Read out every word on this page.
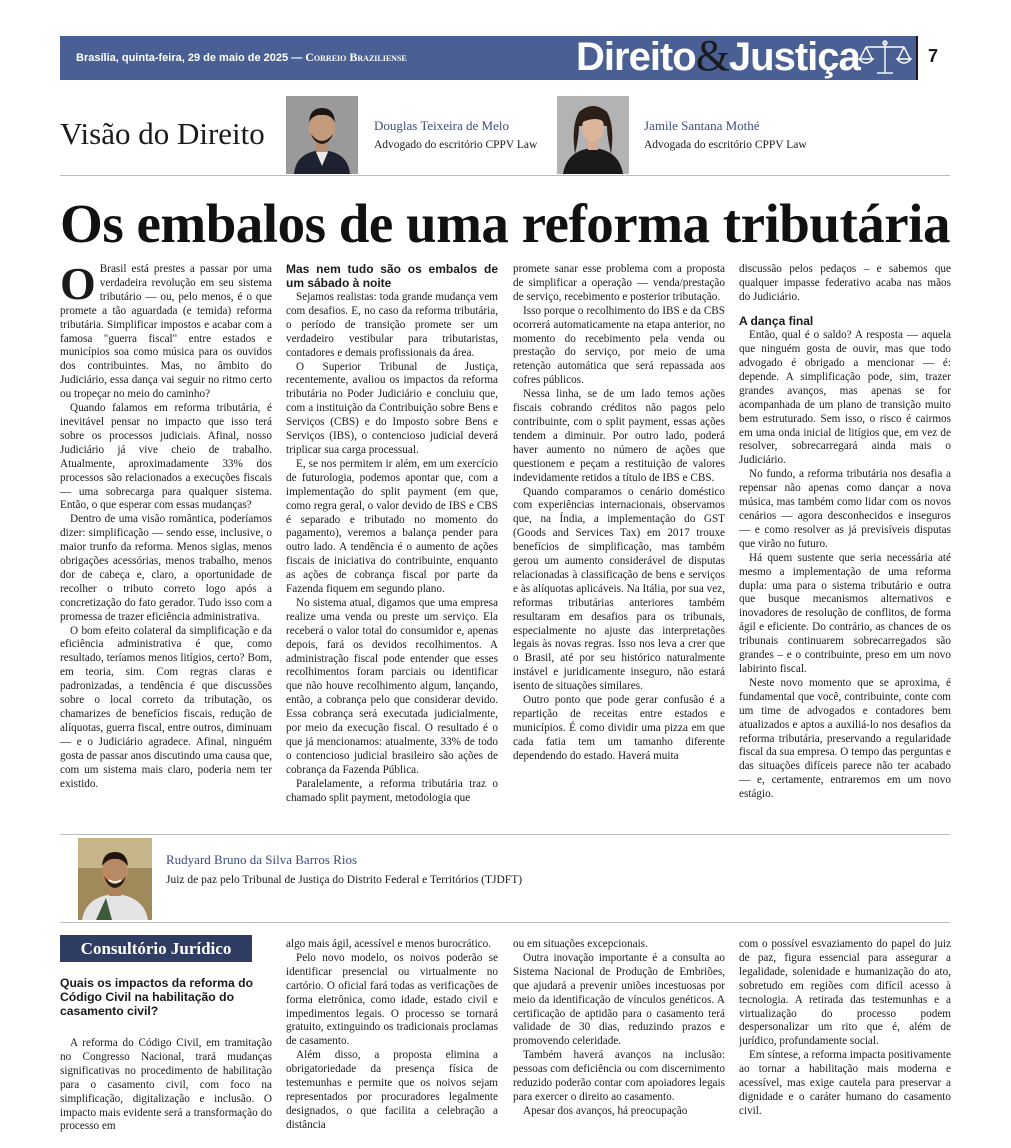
Brasília, quinta-feira, 29 de maio de 2025 — Correio Braziliense	Direito&Justiça	7
Visão do Direito	Douglas Teixeira de Melo
Advogado do escritório CPPV Law
Jamile Santana Mothé
Advogada do escritório CPPV Law
Os embalos de uma reforma tributária

O Brasil está prestes a passar por uma verdadeira revolução em seu sistema tributário — ou, pelo menos, é o que promete a tão aguardada (e temida) reforma tributária. Simplificar impostos e acabar com a famosa "guerra fiscal" entre estados e municípios soa como música para os ouvidos dos contribuintes. Mas, no âmbito do Judiciário, essa dança vai seguir no ritmo certo ou tropeçar no meio do caminho?

Quando falamos em reforma tributária, é inevitável pensar no impacto que isso terá sobre os processos judiciais. Afinal, nosso Judiciário já vive cheio de trabalho. Atualmente, aproximadamente 33% dos processos são relacionados a execuções fiscais — uma sobrecarga para qualquer sistema. Então, o que esperar com essas mudanças?

Dentro de uma visão romântica, poderíamos dizer: simplificação — sendo esse, inclusive, o maior trunfo da reforma. Menos siglas, menos obrigações acessórias, menos trabalho, menos dor de cabeça e, claro, a oportunidade de recolher o tributo correto logo após a concretização do fato gerador. Tudo isso com a promessa de trazer eficiência administrativa.

O bom efeito colateral da simplificação e da eficiência administrativa é que, como resultado, teríamos menos litígios, certo? Bom, em teoria, sim. Com regras claras e padronizadas, a tendência é que discussões sobre o local correto da tributação, os chamarizes de benefícios fiscais, redução de alíquotas, guerra fiscal, entre outros, diminuam — e o Judiciário agradece. Afinal, ninguém gosta de passar anos discutindo uma causa que, com um sistema mais claro, poderia nem ter existido.

Mas nem tudo são os embalos de um sábado à noite

Sejamos realistas: toda grande mudança vem com desafios. E, no caso da reforma tributária, o período de transição promete ser um verdadeiro vestibular para tributaristas, contadores e demais profissionais da área.

O Superior Tribunal de Justiça, recentemente, avaliou os impactos da reforma tributária no Poder Judiciário e concluiu que, com a instituição da Contribuição sobre Bens e Serviços (CBS) e do Imposto sobre Bens e Serviços (IBS), o contencioso judicial deverá triplicar sua carga processual.

E, se nos permitem ir além, em um exercício de futurologia, podemos apontar que, com a implementação do split payment (em que, como regra geral, o valor devido de IBS e CBS é separado e tributado no momento do pagamento), veremos a balança pender para outro lado. A tendência é o aumento de ações fiscais de iniciativa do contribuinte, enquanto as ações de cobrança fiscal por parte da Fazenda fiquem em segundo plano.

No sistema atual, digamos que uma empresa realize uma venda ou preste um serviço. Ela receberá o valor total do consumidor e, apenas depois, fará os devidos recolhimentos. A administração fiscal pode entender que esses recolhimentos foram parciais ou identificar que não houve recolhimento algum, lançando, então, a cobrança pelo que considerar devido. Essa cobrança será executada judicialmente, por meio da execução fiscal. O resultado é o que já mencionamos: atualmente, 33% de todo o contencioso judicial brasileiro são ações de cobrança da Fazenda Pública.

Paralelamente, a reforma tributária traz o chamado split payment, metodologia que

promete sanar esse problema com a proposta de simplificar a operação — venda/prestação de serviço, recebimento e posterior tributação.

Isso porque o recolhimento do IBS e da CBS ocorrerá automaticamente na etapa anterior, no momento do recebimento pela venda ou prestação do serviço, por meio de uma retenção automática que será repassada aos cofres públicos.

Nessa linha, se de um lado temos ações fiscais cobrando créditos não pagos pelo contribuinte, com o split payment, essas ações tendem a diminuir. Por outro lado, poderá haver aumento no número de ações que questionem e peçam a restituição de valores indevidamente retidos a título de IBS e CBS.

Quando comparamos o cenário doméstico com experiências internacionais, observamos que, na Índia, a implementação do GST (Goods and Services Tax) em 2017 trouxe benefícios de simplificação, mas também gerou um aumento considerável de disputas relacionadas à classificação de bens e serviços e às alíquotas aplicáveis. Na Itália, por sua vez, reformas tributárias anteriores também resultaram em desafios para os tribunais, especialmente no ajuste das interpretações legais às novas regras. Isso nos leva a crer que o Brasil, até por seu histórico naturalmente instável e juridicamente inseguro, não estará isento de situações similares.

Outro ponto que pode gerar confusão é a repartição de receitas entre estados e municípios. É como dividir uma pizza em que cada fatia tem um tamanho diferente dependendo do estado. Haverá muita

discussão pelos pedaços – e sabemos que qualquer impasse federativo acaba nas mãos do Judiciário.

A dança final

Então, qual é o saldo? A resposta — aquela que ninguém gosta de ouvir, mas que todo advogado é obrigado a mencionar — é: depende. A simplificação pode, sim, trazer grandes avanços, mas apenas se for acompanhada de um plano de transição muito bem estruturado. Sem isso, o risco é cairmos em uma onda inicial de litígios que, em vez de resolver, sobrecarregará ainda mais o Judiciário.

No fundo, a reforma tributária nos desafia a repensar não apenas como dançar a nova música, mas também como lidar com os novos cenários — agora desconhecidos e inseguros — e como resolver as já previsíveis disputas que virão no futuro.

Há quem sustente que seria necessária até mesmo a implementação de uma reforma dupla: uma para o sistema tributário e outra que busque mecanismos alternativos e inovadores de resolução de conflitos, de forma ágil e eficiente. Do contrário, as chances de os tribunais continuarem sobrecarregados são grandes – e o contribuinte, preso em um novo labirinto fiscal.

Neste novo momento que se aproxima, é fundamental que você, contribuinte, conte com um time de advogados e contadores bem atualizados e aptos a auxiliá-lo nos desafios da reforma tributária, preservando a regularidade fiscal da sua empresa. O tempo das perguntas e das situações difíceis parece não ter acabado — e, certamente, entraremos em um novo estágio.

Rudyard Bruno da Silva Barros Rios
Juiz de paz pelo Tribunal de Justiça do Distrito Federal e Territórios (TJDFT)
Consultório Jurídico
Quais os impactos da reforma do Código Civil na habilitação do casamento civil?

A reforma do Código Civil, em tramitação no Congresso Nacional, trará mudanças significativas no procedimento de habilitação para o casamento civil, com foco na simplificação, digitalização e inclusão. O impacto mais evidente será a transformação do processo em

algo mais ágil, acessível e menos burocrático.

Pelo novo modelo, os noivos poderão se identificar presencial ou virtualmente no cartório. O oficial fará todas as verificações de forma eletrônica, como idade, estado civil e impedimentos legais. O processo se tornará gratuito, extinguindo os tradicionais proclamas de casamento.

Além disso, a proposta elimina a obrigatoriedade da presença física de testemunhas e permite que os noivos sejam representados por procuradores legalmente designados, o que facilita a celebração a distância

ou em situações excepcionais.

Outra inovação importante é a consulta ao Sistema Nacional de Produção de Embriões, que ajudará a prevenir uniões incestuosas por meio da identificação de vínculos genéticos. A certificação de aptidão para o casamento terá validade de 30 dias, reduzindo prazos e promovendo celeridade.

Também haverá avanços na inclusão: pessoas com deficiência ou com discernimento reduzido poderão contar com apoiadores legais para exercer o direito ao casamento.

Apesar dos avanços, há preocupação

com o possível esvaziamento do papel do juiz de paz, figura essencial para assegurar a legalidade, solenidade e humanização do ato, sobretudo em regiões com difícil acesso à tecnologia. A retirada das testemunhas e a virtualização do processo podem despersonalizar um rito que é, além de jurídico, profundamente social.

Em síntese, a reforma impacta positivamente ao tornar a habilitação mais moderna e acessível, mas exige cautela para preservar a dignidade e o caráter humano do casamento civil.
